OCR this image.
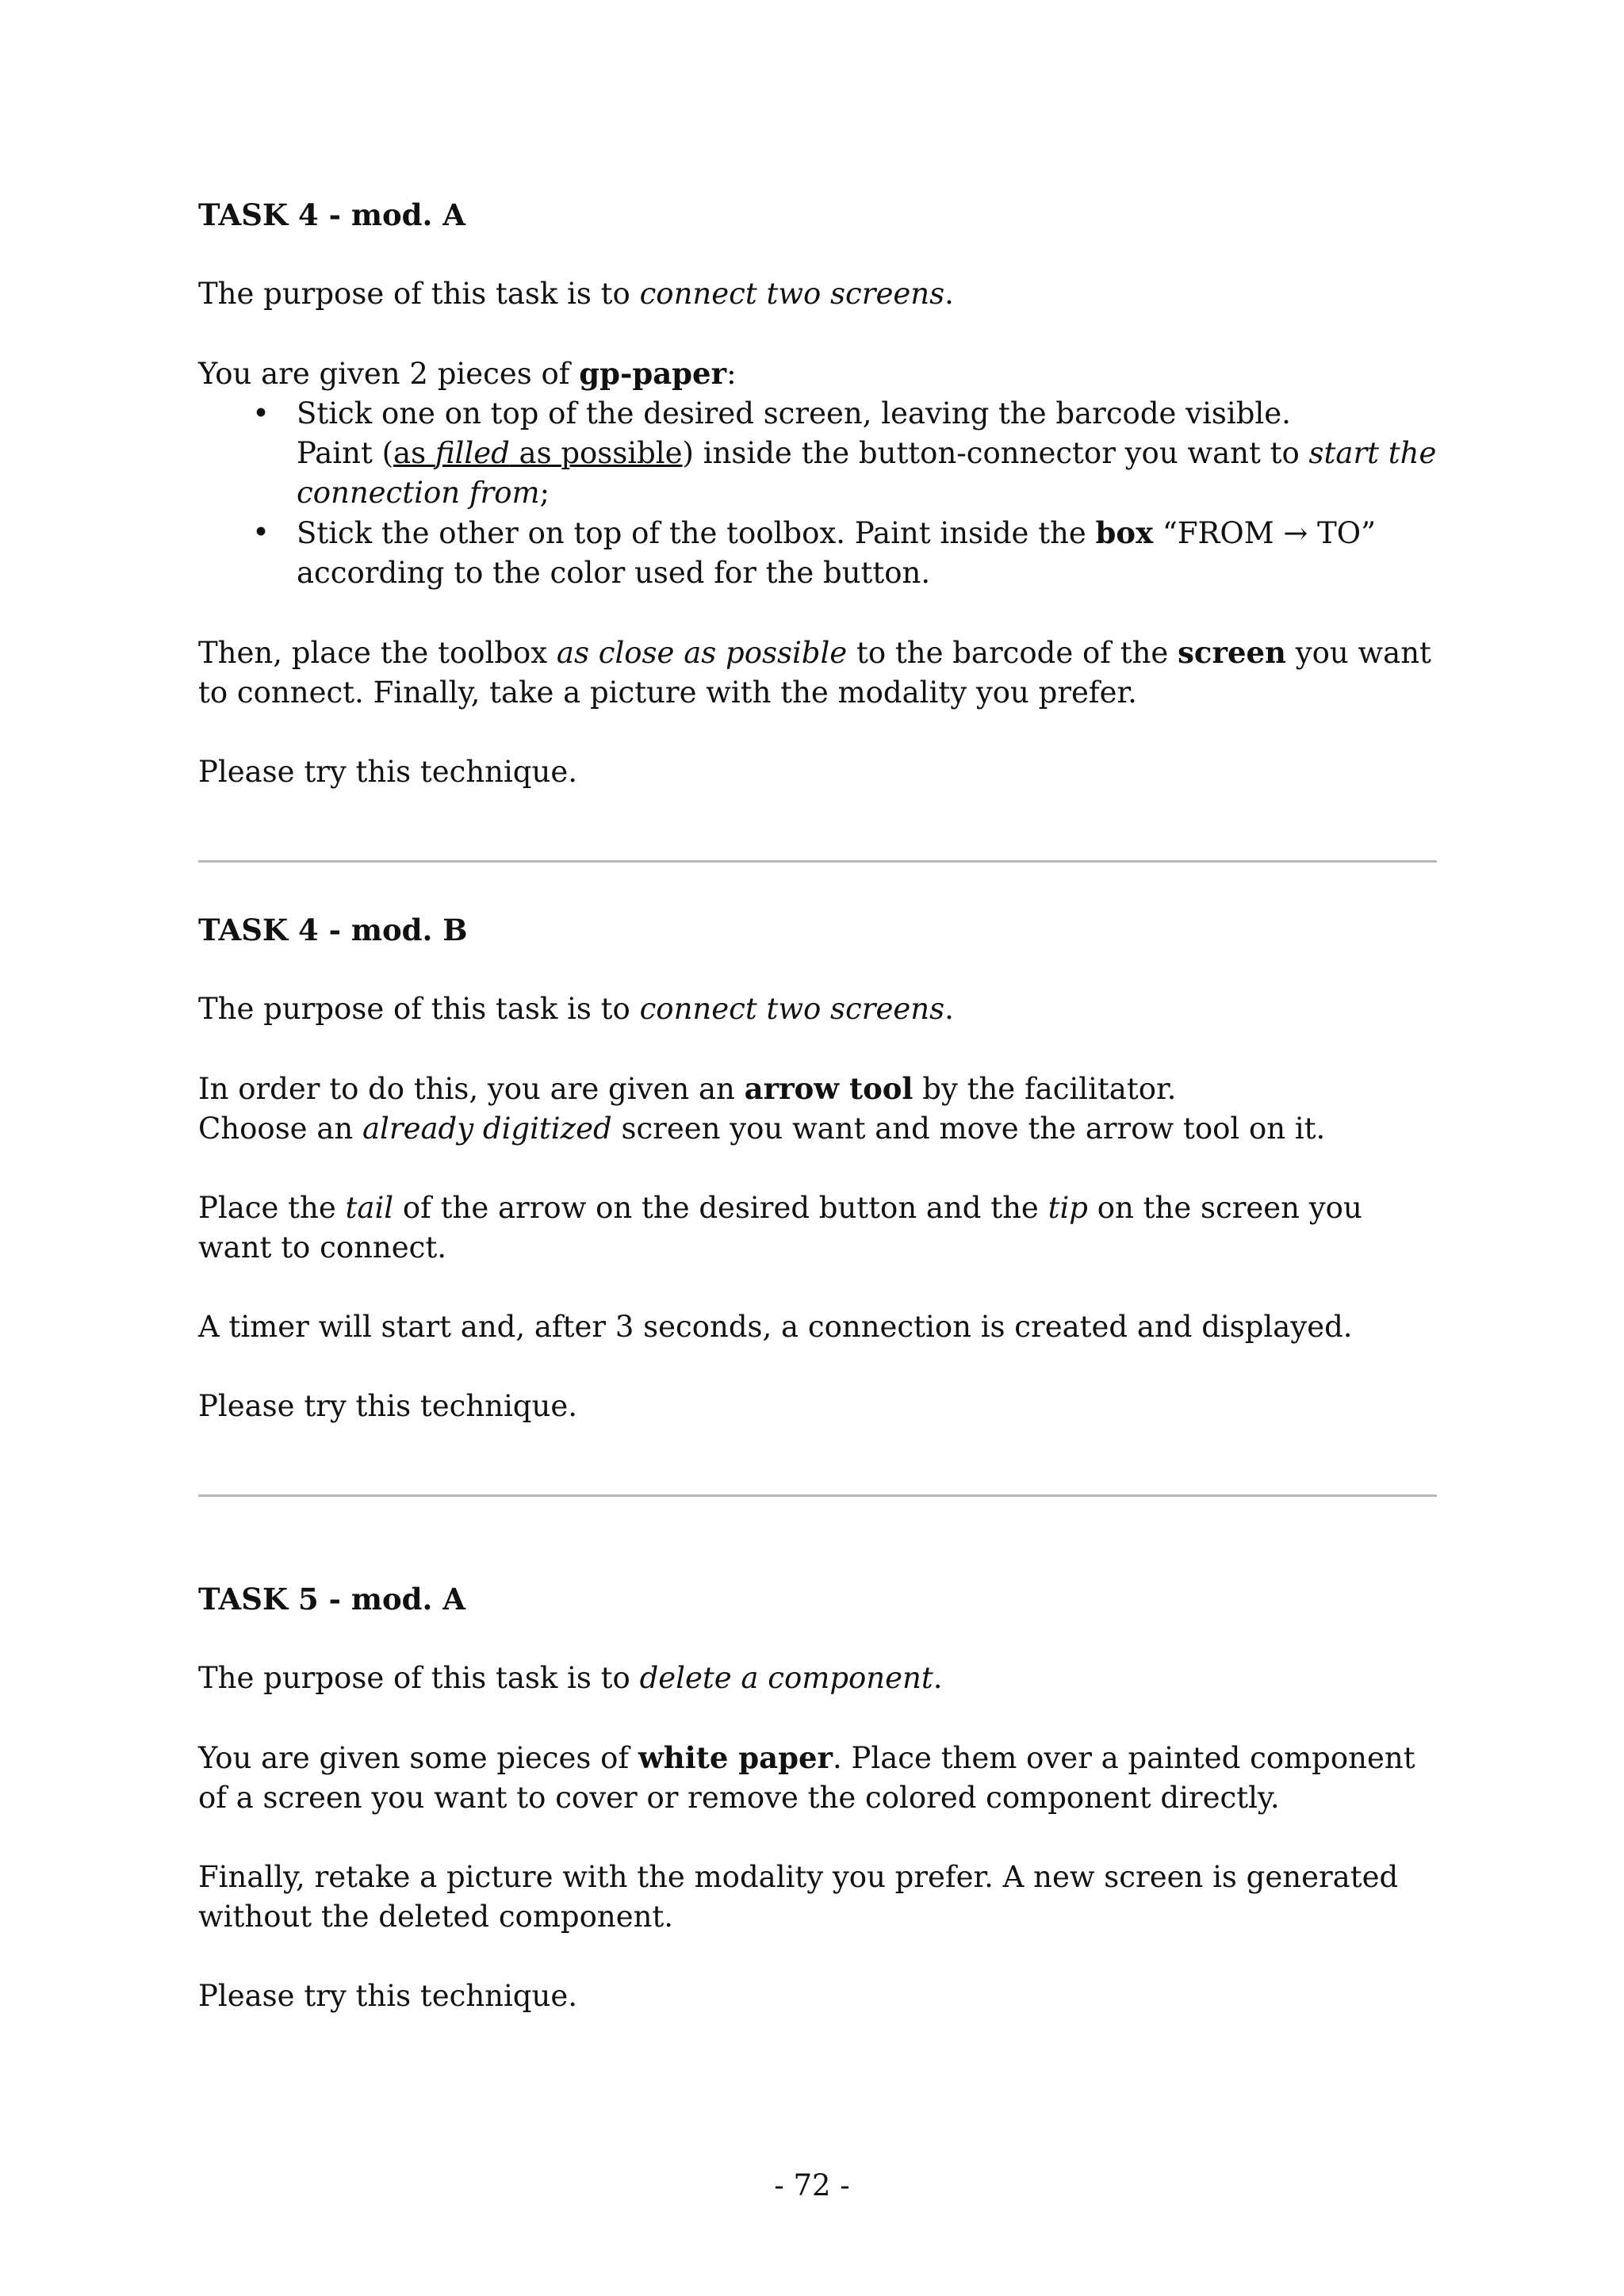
TASK 4 - mod. A

The purpose of this task is to connect two screens.

You are given 2 pieces of gp-paper:

• Stick one on top of the desired screen, leaving the barcode visible.
Paint (as filled as possible) inside the button-connector you want to start the connection from;
• Stick the other on top of the toolbox. Paint inside the box “FROM → TO” according to the color used for the button.

Then, place the toolbox as close as possible to the barcode of the screen you want to connect. Finally, take a picture with the modality you prefer.

Please try this technique.

TASK 4 - mod. B

The purpose of this task is to connect two screens.

In order to do this, you are given an arrow tool by the facilitator.

Choose an already digitized screen you want and move the arrow tool on it.

Place the tail of the arrow on the desired button and the tip on the screen you want to connect.

A timer will start and, after 3 seconds, a connection is created and displayed.

Please try this technique.

TASK 5 - mod. A

The purpose of this task is to delete a component.

You are given some pieces of white paper. Place them over a painted component of a screen you want to cover or remove the colored component directly.

Finally, retake a picture with the modality you prefer. A new screen is generated without the deleted component.

Please try this technique.

- 72 -
